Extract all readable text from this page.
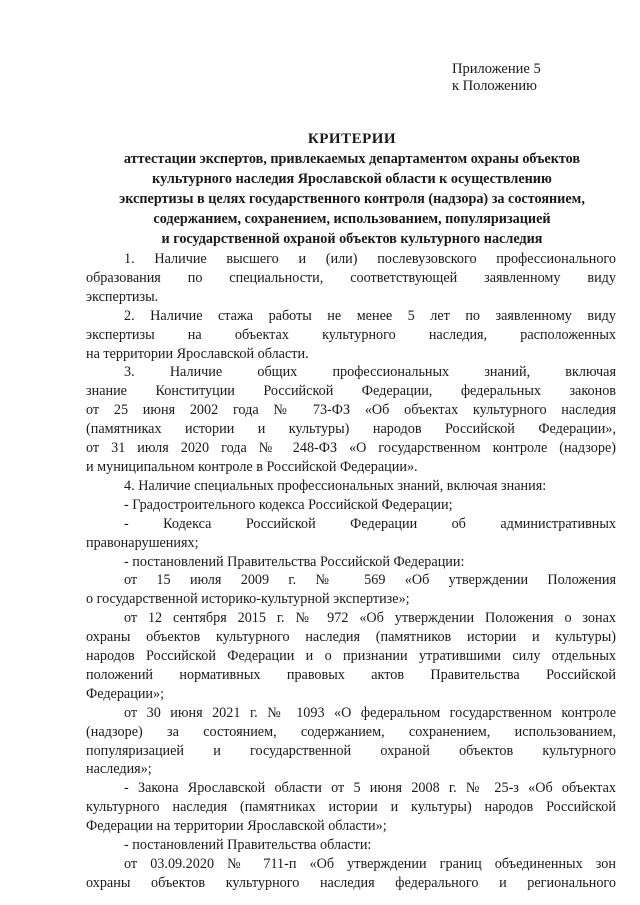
Приложение 5
к Положению
КРИТЕРИИ
аттестации экспертов, привлекаемых департаментом охраны объектов
культурного наследия Ярославской области к осуществлению
экспертизы в целях государственного контроля (надзора) за состоянием,
содержанием, сохранением, использованием, популяризацией
и государственной охраной объектов культурного наследия

1. Наличие высшего и (или) послевузовского профессионального

образования по специальности, соответствующей заявленному виду

экспертизы.

2. Наличие стажа работы не менее 5 лет по заявленному виду

экспертизы на объектах культурного наследия, расположенных

на территории Ярославской области.

3. Наличие общих профессиональных знаний, включая

знание Конституции Российской Федерации, федеральных законов

от 25 июня 2002 года № 73-ФЗ «Об объектах культурного наследия

(памятниках истории и культуры) народов Российской Федерации»,

от 31 июля 2020 года № 248-ФЗ «О государственном контроле (надзоре)

и муниципальном контроле в Российской Федерации».

4. Наличие специальных профессиональных знаний, включая знания:

- Градостроительного кодекса Российской Федерации;

- Кодекса Российской Федерации об административных

правонарушениях;

- постановлений Правительства Российской Федерации:

от 15 июля 2009 г. № 569 «Об утверждении Положения

о государственной историко-культурной экспертизе»;

от 12 сентября 2015 г. № 972 «Об утверждении Положения о зонах

охраны объектов культурного наследия (памятников истории и культуры)

народов Российской Федерации и о признании утратившими силу отдельных

положений нормативных правовых актов Правительства Российской

Федерации»;

от 30 июня 2021 г. № 1093 «О федеральном государственном контроле

(надзоре) за состоянием, содержанием, сохранением, использованием,

популяризацией и государственной охраной объектов культурного

наследия»;

- Закона Ярославской области от 5 июня 2008 г. № 25-з «Об объектах

культурного наследия (памятниках истории и культуры) народов Российской

Федерации на территории Ярославской области»;

- постановлений Правительства области:

от 03.09.2020 № 711-п «Об утверждении границ объединенных зон

охраны объектов культурного наследия федерального и регионального
